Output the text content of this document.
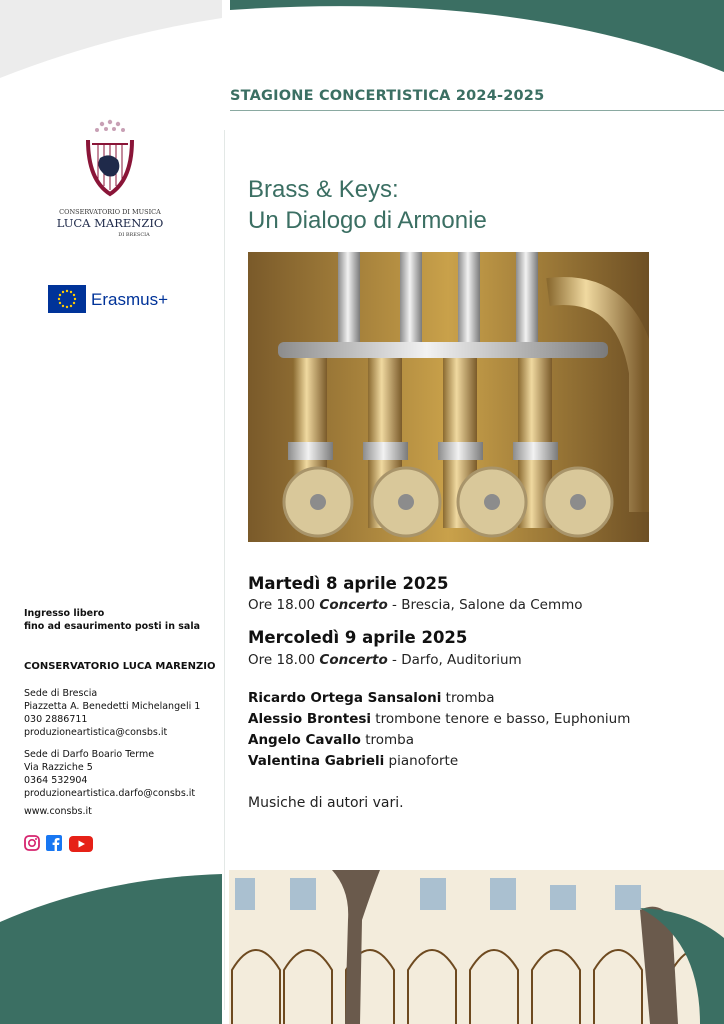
STAGIONE CONCERTISTICA 2024-2025
CONSERVATORIO DI MUSICA
LUCA MARENZIO
DI BRESCIA
Erasmus+
Brass & Keys:
Un Dialogo di Armonie
Martedì 8 aprile 2025
Ore 18.00 Concerto - Brescia, Salone da Cemmo
Mercoledì 9 aprile 2025
Ore 18.00 Concerto - Darfo, Auditorium
Ricardo Ortega Sansaloni tromba
Alessio Brontesi trombone tenore e basso, Euphonium
Angelo Cavallo tromba
Valentina Gabrieli pianoforte
Musiche di autori vari.
Ingresso libero
fino ad esaurimento posti in sala
CONSERVATORIO LUCA MARENZIO
Sede di Brescia
Piazzetta A. Benedetti Michelangeli 1
030 2886711
produzioneartistica@consbs.it
Sede di Darfo Boario Terme
Via Razziche 5
0364 532904
produzioneartistica.darfo@consbs.it
www.consbs.it
